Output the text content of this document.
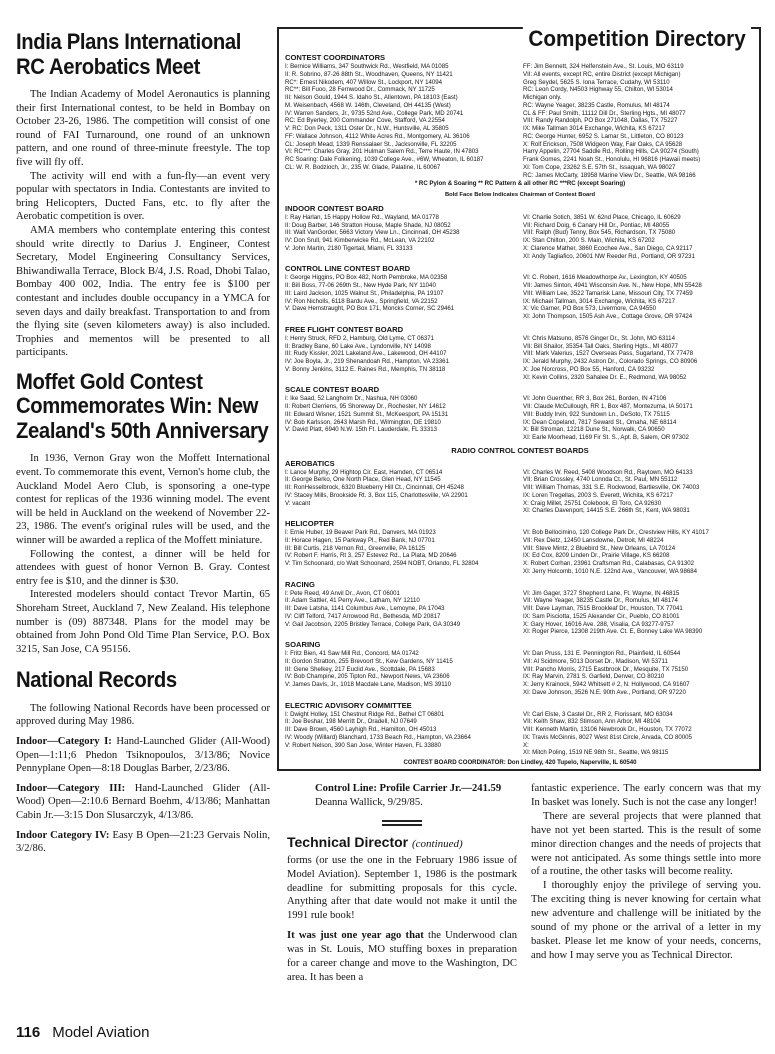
India Plans International RC Aerobatics Meet

The Indian Academy of Model Aeronautics is planning their first International contest, to be held in Bombay on October 23-26, 1986. The competition will consist of one round of FAI Turnaround, one round of an unknown pattern, and one round of three-minute freestyle. The top five will fly off.

The activity will end with a fun-fly—an event very popular with spectators in India. Contestants are invited to bring Helicopters, Ducted Fans, etc. to fly after the Aerobatic competition is over.

AMA members who contemplate entering this contest should write directly to Darius J. Engineer, Contest Secretary, Model Engineering Consultancy Services, Bhiwandiwalla Terrace, Block B/4, J.S. Road, Dhobi Talao, Bombay 400 002, India. The entry fee is $100 per contestant and includes double occupancy in a YMCA for seven days and daily breakfast. Transportation to and from the flying site (seven kilometers away) is also included. Trophies and mementos will be presented to all participants.

Moffet Gold Contest Commemorates Win: New Zealand's 50th Anniversary

In 1936, Vernon Gray won the Moffett International event. To commemorate this event, Vernon's home club, the Auckland Model Aero Club, is sponsoring a one-type contest for replicas of the 1936 winning model. The event will be held in Auckland on the weekend of November 22-23, 1986. The event's original rules will be used, and the winner will be awarded a replica of the Moffett miniature.

Following the contest, a dinner will be held for attendees with guest of honor Vernon B. Gray. Contest entry fee is $10, and the dinner is $30.

Interested modelers should contact Trevor Martin, 65 Shoreham Street, Auckland 7, New Zealand. His telephone number is (09) 887348. Plans for the model may be obtained from John Pond Old Time Plan Service, P.O. Box 3215, San Jose, CA 95156.

National Records

The following National Records have been processed or approved during May 1986.

Indoor—Category I: Hand-Launched Glider (All-Wood) Open—1:11;6 Phedon Tsiknopoulos, 3/13/86; Novice Pennyplane Open—8:18 Douglas Barber, 2/23/86.

Indoor—Category III: Hand-Launched Glider (All-Wood) Open—2:10.6 Bernard Boehm, 4/13/86; Manhattan Cabin Jr.—3:15 Don Slusarczyk, 4/13/86.

Indoor Category IV: Easy B Open—21:23 Gervais Nolin, 3/2/86.

Competition Directory
CONTEST COORDINATORS
I: Bernice Williams, 347 Southwick Rd., Westfield, MA 01085
II: R. Sobrino, 87-26 88th St., Woodhaven, Queens, NY 11421
RC*: Ernest Nikodem, 407 Willow St., Lockport, NY 14094
RC**: Bill Fuoo, 28 Fernwood Dr., Commack, NY 11725
III: Nelson Gould, 1944 S. Idaho St., Allentown, PA 18103 (East)
M. Weisenbach, 4568 W. 146th, Cleveland, OH 44135 (West)
IV: Warren Sanders, Jr., 9735 52nd Ave., College Park, MD 20741
RC: Ed Byerley, 200 Commander Cove, Stafford, VA 22554
V: RC: Don Peck, 1311 Oster Dr., N.W., Huntsville, AL 35805
FF: Wallace Johnson, 4112 White Acres Rd., Montgomery, AL 36106
CL: Joseph Mead, 1339 Renssalaer St., Jacksonville, FL 32205
VI: RC***: Charles Gray, 201 Hulman Salem Rd., Terre Haute, IN 47803
RC Soaring: Dale Folkening, 1039 College Ave., #6W, Wheaton, IL 60187
CL: W. R. Bodzioch, Jr., 235 W. Glade, Palatine, IL 60067
FF: Jim Bennett, 324 Helfenstein Ave., St. Louis, MO 63119
VII: All events, except RC, entire District (except Michigan)
Greg Seydel, 5625 S. Iona Terrace, Cudahy, WI 53110
RC: Leon Cordy, N4503 Highway 55, Chilton, WI 53014
Michigan only.
RC: Wayne Yeager, 38235 Castle, Romulus, MI 48174
CL & FF: Paul Smith, 11112 Dill Dr., Sterling Hgts., MI 48077
VIII: Randy Randolph, PO Box 271048, Dallas, TX 75227
IX: Mike Tallman 3014 Exchange, Wichita, KS 67217
RC: George Hunter, 6952 S. Lamar St., Littleton, CO 80123
X: Rolf Erickson, 7508 Widgeon Way, Fair Oaks, CA 95628
Harry Appelin, 27704 Saddle Rd., Rolling Hills, CA 90274 (South)
Frank Gomes, 2241 Noah St., Honolulu, HI 96816 (Hawaii meets)
XI: Tom Cope, 23262 S.E. 57th St., Issaquah, WA 98027
RC: James McCarty, 18958 Marine View Dr., Seattle, WA 98166
* RC Pylon & Soaring ** RC Pattern & all other RC ***RC (except Soaring)
Bold Face Below Indicates Chairman of Contest Board
INDOOR CONTEST BOARD
I: Ray Harlan, 15 Happy Hollow Rd., Wayland, MA 01778
II: Doug Barber, 146 Stratton House, Maple Shade, NJ 08052
III: Walt VanGorder, 5663 Victory View Ln., Cincinnati, OH 45238
IV: Don Srull, 941 Kimberwicke Rd., McLean, VA 22102
V: John Martin, 2180 Tigertail, Miami, FL 33133
VI: Charlie Sotich, 3851 W. 62nd Place, Chicago, IL 60629
VII: Richard Doig, 6 Canary Hill Dr., Pontiac, MI 48055
VIII: Ralph (Bud) Tenny, Box 545, Richardson, TX 75080
IX: Stan Chilton, 200 S. Main, Wichita, KS 67202
X: Clarence Mather, 3860 Ecochee Ave., San Diego, CA 92117
XI: Andy Tagliafico, 20601 NW Reeder Rd., Portland, OR 97231
CONTROL LINE CONTEST BOARD
I: George Higgins, PO Box 482, North Pembroke, MA 02358
II: Bill Boss, 77-06 269th St., New Hyde Park, NY 11040
III: Laird Jackson, 1025 Walnut St., Philadelphia, PA 19107
IV: Ron Nicholls, 6118 Bardu Ave., Springfield, VA 22152
V: Dave Hemstraught, PO Box 171, Moncks Corner, SC 29461
VI: C. Robert, 1616 Meadowthorpe Av., Lexington, KY 40505
VII: James Sinton, 4941 Wisconsin Ave. N., New Hope, MN 55428
VIII: William Lee, 3522 Tamarisk Lane, Missouri City, TX 77459
IX: Michael Tallman, 3014 Exchange, Wichita, KS 67217
X: Vic Garner, PO Box 573, Livermore, CA 94550
XI: John Thompson, 1505 Ash Ave., Cottage Grove, OR 97424
FREE FLIGHT CONTEST BOARD
I: Henry Struck, RFD 2, Hamburg, Old Lyme, CT 06371
II: Bradley Bane, 60 Lake Ave., Lyndonville, NY 14098
III: Rudy Kissler, 2021 Lakeland Ave., Lakewood, OH 44107
IV: Joe Boyla, Jr., 219 Shenandoah Rd., Hampton, VA 23361
V: Bonny Jenkins, 3112 E. Raines Rd., Memphis, TN 38118
VI: Chris Matsuno, 8576 Ginger Dr., St. John, MO 63114
VII: Bill Shailor, 35354 Tall Oaks, Sterling Hgts., MI 48077
VIII: Mark Valerius, 1527 Overseas Pass, Sugarland, TX 77478
IX: Jerald Murphy, 2432 Astron Dr., Colorado Springs, CO 80906
X: Joe Norcross, PO Box 55, Hanford, CA 93232
XI: Kevin Collins, 2320 Sahalee Dr. E., Redmond, WA 98052
SCALE CONTEST BOARD
I: Ike Saad, 52 Langholm Dr., Nashua, NH 03060
II: Robert Clerriens, 95 Shoreway Dr., Rochester, NY 14612
III: Edward Wisner, 1521 Summit St., McKeesport, PA 15131
IV: Bob Karlsson, 2643 Marsh Rd., Wilmington, DE 19810
V: David Platt, 6940 N.W. 15th Ft. Lauderdale, FL 33313
VI: John Guenther, RR 3, Box 261, Borden, IN 47106
VII: Claude McCullough, RR 1, Box 487, Montezuma, IA 50171
VIII: Buddy Irvin, 922 Sundown Ln., DeSoto, TX 75115
IX: Dean Copeland, 7817 Seward St., Omaha, NE 68114
X: Bill Stroman, 12218 Dune St., Norwalk, CA 90650
XI: Earle Moorhead, 1169 Fir St. S., Apt. B, Salem, OR 97302
RADIO CONTROL CONTEST BOARDS
AEROBATICS
I: Lance Murphy, 29 Hightop Cir. East, Hamden, CT 06514
II: George Berko, One North Place, Glen Head, NY 11545
III: RonHesselbrock, 6320 Blueberry Hill Ct., Cincinnati, OH 45248
IV: Stacey Mills, Brookside Rt. 3, Box 115, Charlottesville, VA 22901
V: vacant
VI: Charles W. Reed, 5408 Woodson Rd., Raytown, MO 64133
VII: Brian Crossley, 4740 Lonnda Ct., St. Paul, MN 55112
VIII: William Thomas, 331 S.E. Rockwood, Bartlesville, OK 74003
IX: Loren Tregellas, 2003 S. Everett, Wichita, KS 67217
X: Craig Millet, 25751 Colebook, El Toro, CA 92630
XI: Charles Davenport, 14415 S.E. 266th St., Kent, WA 98031
HELICOPTER
I: Ernie Huber, 19 Beaver Park Rd., Danvers, MA 01923
II: Horace Hagen, 15 Parkway Pl., Red Bank, NJ 07701
III: Bill Curtis, 218 Vernon Rd., Greenville, PA 16125
IV: Robert F. Harris, Rt 3, 257 Estevez Rd., La Plata, MD 20646
V: Tim Schoonard, c/o Walt Schoonard, 2594 NOBT, Orlando, FL 32804
VI: Bob Bellocimino, 120 College Park Dr., Crestview Hills, KY 41017
VII: Rex Dietz, 12450 Lansdowne, Detroit, MI 48224
VIII: Steve Mintz, 2 Bluebird St., New Orleans, LA 70124
IX: Ed Cox, 8209 Linden Dr., Prairie Village, KS 66208
X: Robert Corhan, 23961 Craftsman Rd., Calabasas, CA 91302
XI: Jerry Holcomb, 1010 N.E. 122nd Ave., Vancouver, WA 98684
RACING
I: Pete Reed, 49 Anvil Dr., Avon, CT 06001
II: Adam Sattler, 41 Perry Ave., Latham, NY 12110
III: Dave Latsha, 1141 Columbus Ave., Lemoyne, PA 17043
IV: Cliff Telford, 7417 Arrowood Rd., Bethesda, MD 20817
V: Gail Jacobson, 2205 Bristley Terrace, College Park, GA 30349
VI: Jim Gager, 3727 Shepherd Lane, Ft. Wayne, IN 46815
VII: Wayne Yeager, 38235 Castle Dr., Romulus, MI 48174
VIII: Dave Layman, 7515 Brookleaf Dr., Houston, TX 77041
IX: Sam Pisciotta, 1525 Alexander Cir., Pueblo, CO 81001
X: Gary Hover, 16016 Ave. 288, Visalia, CA 93277-9757
XI: Roger Pierce, 12308 219th Ave. Ct. E, Bonney Lake WA 98390
SOARING
I: Fritz Bien, 41 Saw Mill Rd., Concord, MA 01742
II: Gordon Stratton, 255 Brevoort St., Kew Gardens, NY 11415
III: Gene Shelkey, 217 Euclid Ave., Scottdale, PA 15683
IV: Bob Champine, 205 Tipton Rd., Newport News, VA 23606
V: James Davis, Jr., 1018 Macdale Lane, Madison, MS 39110
VI: Dan Pruss, 131 E. Pennington Rd., Plainfield, IL 60544
VII: Al Scidmore, 5013 Dorset Dr., Madison, WI 53711
VIII: Pancho Morris, 2715 Eastbrook Dr., Mesquite, TX 75150
IX: Ray Marvin, 2781 S. Garfield, Denver, CO 80210
X: Jerry Krainock, 5942 Whitsett # 2, N. Hollywood, CA 91607
XI: Dave Johnson, 3526 N.E. 90th Ave., Portland, OR 97220
ELECTRIC ADVISORY COMMITTEE
I: Dwight Holley, 151 Chestnut Ridge Rd., Bethel CT 06801
II: Joe Beshar, 198 Merritt Dr., Oradell, NJ 07649
III: Dave Brown, 4560 Layhigh Rd., Hamilton, OH 45013
IV: Woody (Willard) Blanchard, 1733 Beach Rd., Hampton, VA 23664
V: Robert Nelson, 390 San Jose, Winter Haven, FL 33880
VI: Carl Elste, 3 Castel Dr., RR 2, Florissant, MO 63034
VII: Keith Shaw, 832 Stimson, Ann Arbor, MI 48104
VIII: Kenneth Martin, 13106 Newbrook Dr., Houston, TX 77072
IX: Travis McGinnis, 8027 West 81st Circle, Arvada, CO 80005
X:
XI: Mitch Poling, 1519 NE 98th St., Seattle, WA 98115
CONTEST BOARD COORDINATOR: Don Lindley, 420 Tupelo, Naperville, IL 60540
Control Line: Profile Carrier Jr.—241.59
Deanna Wallick, 9/29/85.
Technical Director (continued)

forms (or use the one in the February 1986 issue of Model Aviation). September 1, 1986 is the postmark deadline for submitting proposals for this cycle. Anything after that date would not make it until the 1991 rule book!

It was just one year ago that the Underwood clan was in St. Louis, MO stuffing boxes in preparation for a career change and move to the Washington, DC area. It has been a

fantastic experience. The early concern was that my In basket was lonely. Such is not the case any longer!

There are several projects that were planned that have not yet been started. This is the result of some minor direction changes and the needs of projects that were not anticipated. As some things settle into more of a routine, the other tasks will become reality.

I thoroughly enjoy the privilege of serving you. The exciting thing is never knowing for certain what new adventure and challenge will be initiated by the sound of my phone or the arrival of a letter in my basket. Please let me know of your needs, concerns, and how I may serve you as Technical Director.

116 Model Aviation
